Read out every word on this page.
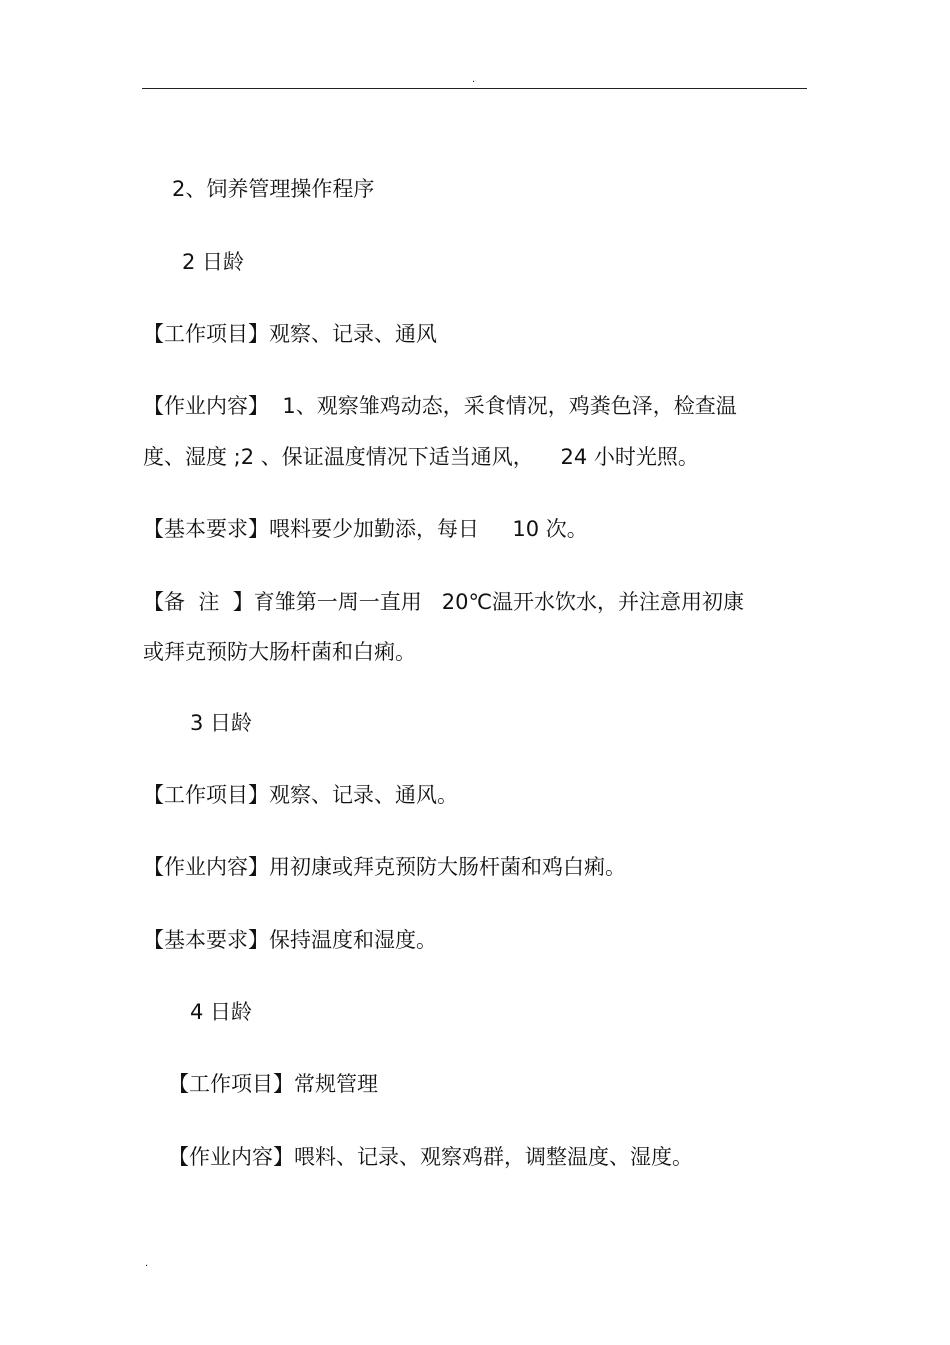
.
2、饲养管理操作程序
2 日龄
【工作项目】观察、记录、通风
【作业内容】  1、观察雏鸡动态，采食情况，鸡粪色泽，检查温
度、湿度 ;2 、保证温度情况下适当通风，    24 小时光照。
【基本要求】喂料要少加勤添，每日     10 次。
【备  注  】育雏第一周一直用   20℃温开水饮水，并注意用初康
或拜克预防大肠杆菌和白痢。
3 日龄
【工作项目】观察、记录、通风。
【作业内容】用初康或拜克预防大肠杆菌和鸡白痢。
【基本要求】保持温度和湿度。
4 日龄
【工作项目】常规管理
【作业内容】喂料、记录、观察鸡群，调整温度、湿度。
.
